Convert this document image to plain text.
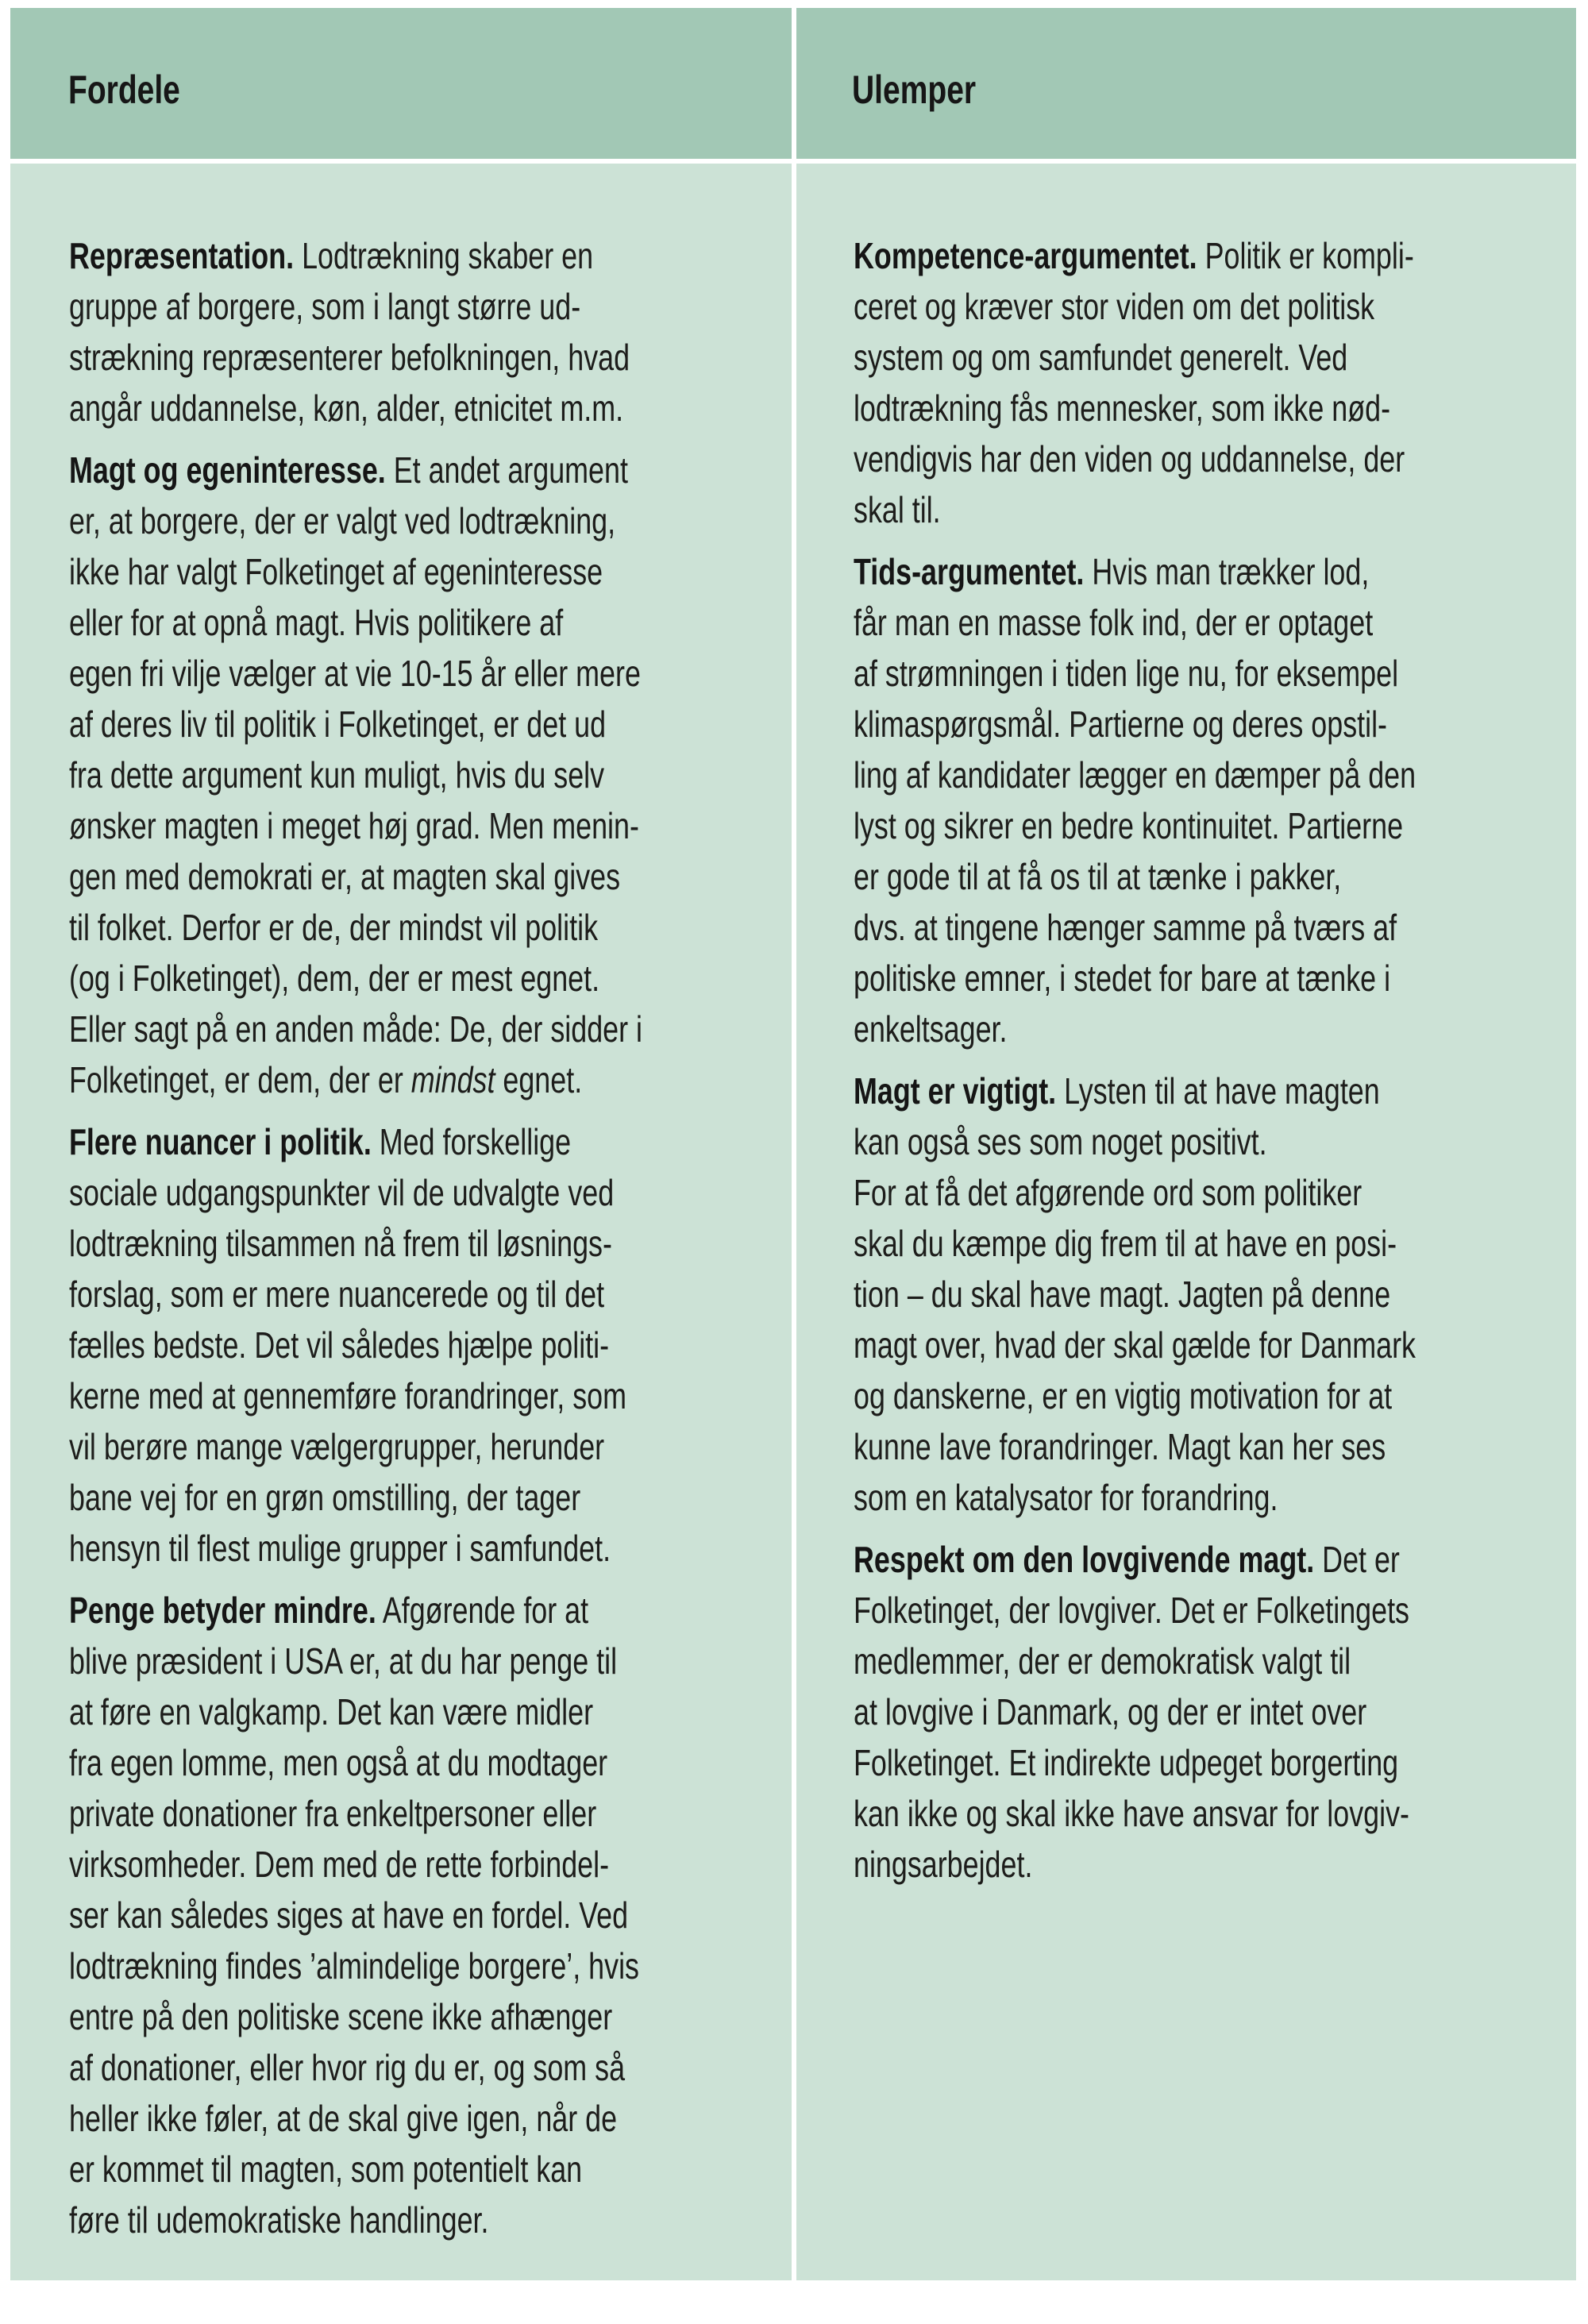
Fordele	Ulemper
Repræsentation. Lodtrækning skaber en
gruppe af borgere, som i langt større ud-
strækning repræsenterer befolkningen, hvad
angår uddannelse, køn, alder, etnicitet m.m.
Magt og egeninteresse. Et andet argument
er, at borgere, der er valgt ved lodtrækning,
ikke har valgt Folketinget af egeninteresse
eller for at opnå magt. Hvis politikere af
egen fri vilje vælger at vie 10-15 år eller mere
af deres liv til politik i Folketinget, er det ud
fra dette argument kun muligt, hvis du selv
ønsker magten i meget høj grad. Men menin-
gen med demokrati er, at magten skal gives
til folket. Derfor er de, der mindst vil politik
(og i Folketinget), dem, der er mest egnet.
Eller sagt på en anden måde: De, der sidder i
Folketinget, er dem, der er mindst egnet.
Flere nuancer i politik. Med forskellige
sociale udgangspunkter vil de udvalgte ved
lodtrækning tilsammen nå frem til løsnings-
forslag, som er mere nuancerede og til det
fælles bedste. Det vil således hjælpe politi-
kerne med at gennemføre forandringer, som
vil berøre mange vælgergrupper, herunder
bane vej for en grøn omstilling, der tager
hensyn til flest mulige grupper i samfundet.
Penge betyder mindre. Afgørende for at
blive præsident i USA er, at du har penge til
at føre en valgkamp. Det kan være midler
fra egen lomme, men også at du modtager
private donationer fra enkeltpersoner eller
virksomheder. Dem med de rette forbindel-
ser kan således siges at have en fordel. Ved
lodtrækning findes ’almindelige borgere’, hvis
entre på den politiske scene ikke afhænger
af donationer, eller hvor rig du er, og som så
heller ikke føler, at de skal give igen, når de
er kommet til magten, som potentielt kan
føre til udemokratiske handlinger.
Kompetence-argumentet. Politik er kompli-
ceret og kræver stor viden om det politisk
system og om samfundet generelt. Ved
lodtrækning fås mennesker, som ikke nød-
vendigvis har den viden og uddannelse, der
skal til.
Tids-argumentet. Hvis man trækker lod,
får man en masse folk ind, der er optaget
af strømningen i tiden lige nu, for eksempel
klimaspørgsmål. Partierne og deres opstil-
ling af kandidater lægger en dæmper på den
lyst og sikrer en bedre kontinuitet. Partierne
er gode til at få os til at tænke i pakker,
dvs. at tingene hænger samme på tværs af
politiske emner, i stedet for bare at tænke i
enkeltsager.
Magt er vigtigt. Lysten til at have magten
kan også ses som noget positivt.
For at få det afgørende ord som politiker
skal du kæmpe dig frem til at have en posi-
tion – du skal have magt. Jagten på denne
magt over, hvad der skal gælde for Danmark
og danskerne, er en vigtig motivation for at
kunne lave forandringer. Magt kan her ses
som en katalysator for forandring.
Respekt om den lovgivende magt. Det er
Folketinget, der lovgiver. Det er Folketingets
medlemmer, der er demokratisk valgt til
at lovgive i Danmark, og der er intet over
Folketinget. Et indirekte udpeget borgerting
kan ikke og skal ikke have ansvar for lovgiv-
ningsarbejdet.
